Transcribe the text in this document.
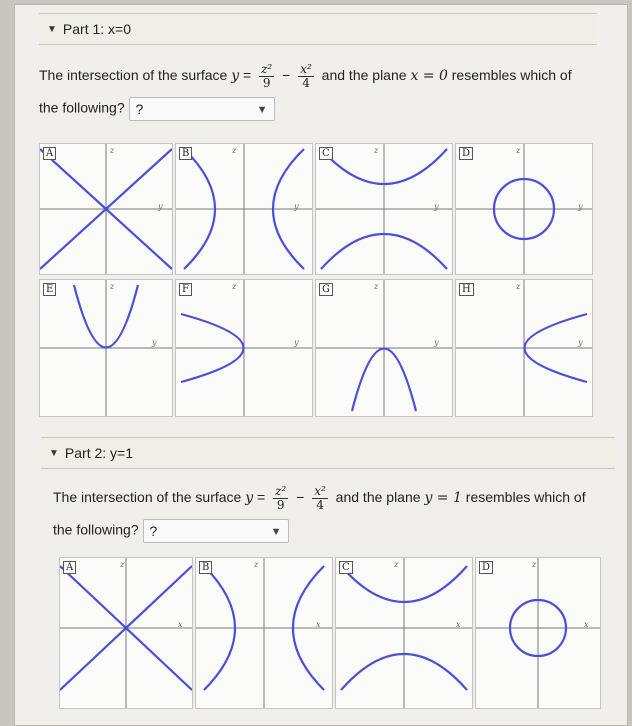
▼ Part 1: x=0
The intersection of the surface $y = \frac{\text{z²}}{9} - \frac{\text{x²}}{4}$ and the plane x = 0 resembles which of
the following? ?	▼
A	z
y
B	z
y
C	z
y
D	z
y
E	z
y
F	z
y
G	z
y
H	z
y
▼ Part 2: y=1
The intersection of the surface $y = \frac{\text{z²}}{9} - \frac{\text{x²}}{4}$ and the plane y = 1 resembles which of
the following? ?	▼
A	z
x
B	z
x
C	z
x
D	z
x
